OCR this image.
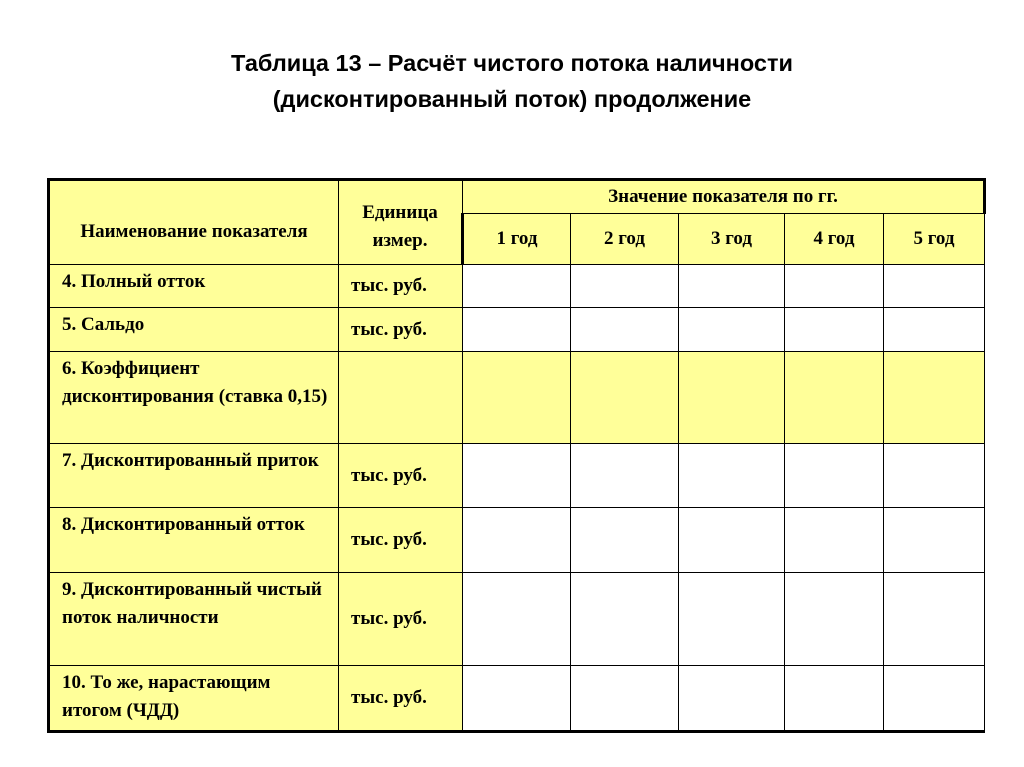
Таблица 13 – Расчёт чистого потока наличности
(дисконтированный поток) продолжение
Наименование показателя	Единица измер.	Значение показателя по гг.				
		1 год	2 год	3 год	4 год	5 год
4. Полный отток	тыс. руб.					
5. Сальдо	тыс. руб.					
6. Коэффициент дисконтирования (ставка 0,15)						
7. Дисконтированный приток	тыс. руб.					
8. Дисконтированный отток	тыс. руб.					
9. Дисконтированный чистый поток наличности	тыс. руб.					
10. То же, нарастающим итогом (ЧДД)	тыс. руб.					
